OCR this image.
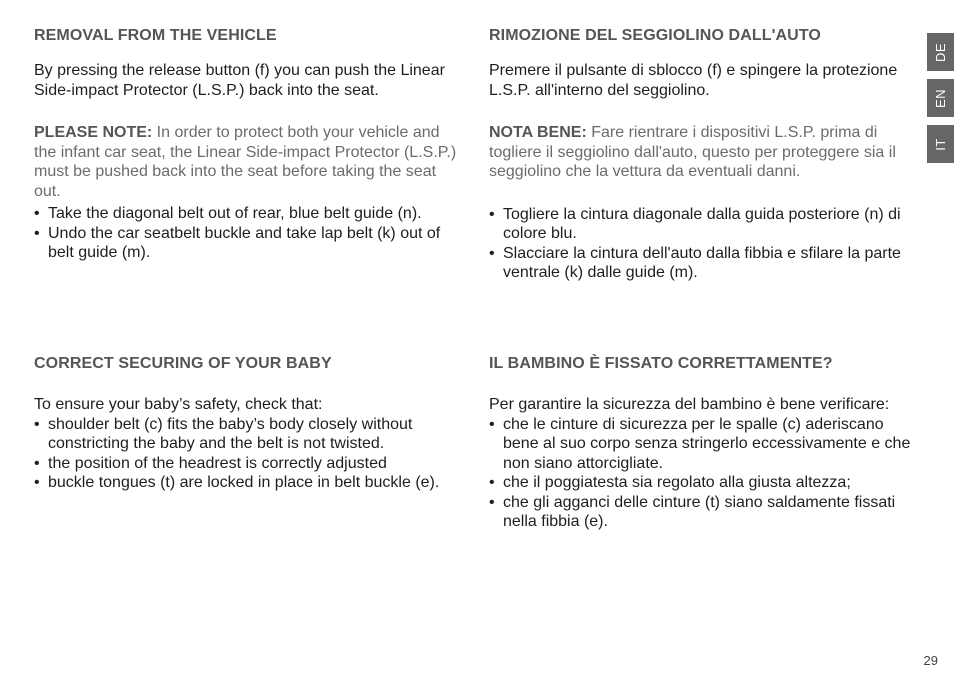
REMOVAL FROM THE VEHICLE

By pressing the release button (f) you can push the Linear Side-impact Protector (L.S.P.) back into the seat.

PLEASE NOTE: In order to protect both your vehicle and the infant car seat, the Linear Side-impact Protector (L.S.P.) must be pushed back into the seat before taking the seat out.

• Take the diagonal belt out of rear, blue belt guide (n).
• Undo the car seatbelt buckle and take lap belt (k) out of belt guide (m).
RIMOZIONE DEL SEGGIOLINO DALL'AUTO

Premere il pulsante di sblocco (f) e spingere la protezione L.S.P. all'interno del seggiolino.

NOTA BENE: Fare rientrare i dispositivi L.S.P. prima di togliere il seggiolino dall'auto, questo per proteggere sia il seggiolino che la vettura da eventuali danni.

• Togliere la cintura diagonale dalla guida posteriore (n) di colore blu.
• Slacciare la cintura dell'auto dalla fibbia e sfilare la parte ventrale (k) dalle guide (m).
CORRECT SECURING OF YOUR BABY

To ensure your baby’s safety, check that:

• shoulder belt (c) fits the baby’s body closely without constricting the baby and the belt is not twisted.
• the position of the headrest is correctly adjusted
• buckle tongues (t) are locked in place in belt buckle (e).
IL BAMBINO È FISSATO CORRETTAMENTE?

Per garantire la sicurezza del bambino è bene verificare:

• che le cinture di sicurezza per le spalle (c) aderiscano bene al suo corpo senza stringerlo eccessivamente e che non siano attorcigliate.
• che il poggiatesta sia regolato alla giusta altezza;
• che gli agganci delle cinture (t) siano saldamente fissati nella fibbia (e).
DE
EN
IT
29
